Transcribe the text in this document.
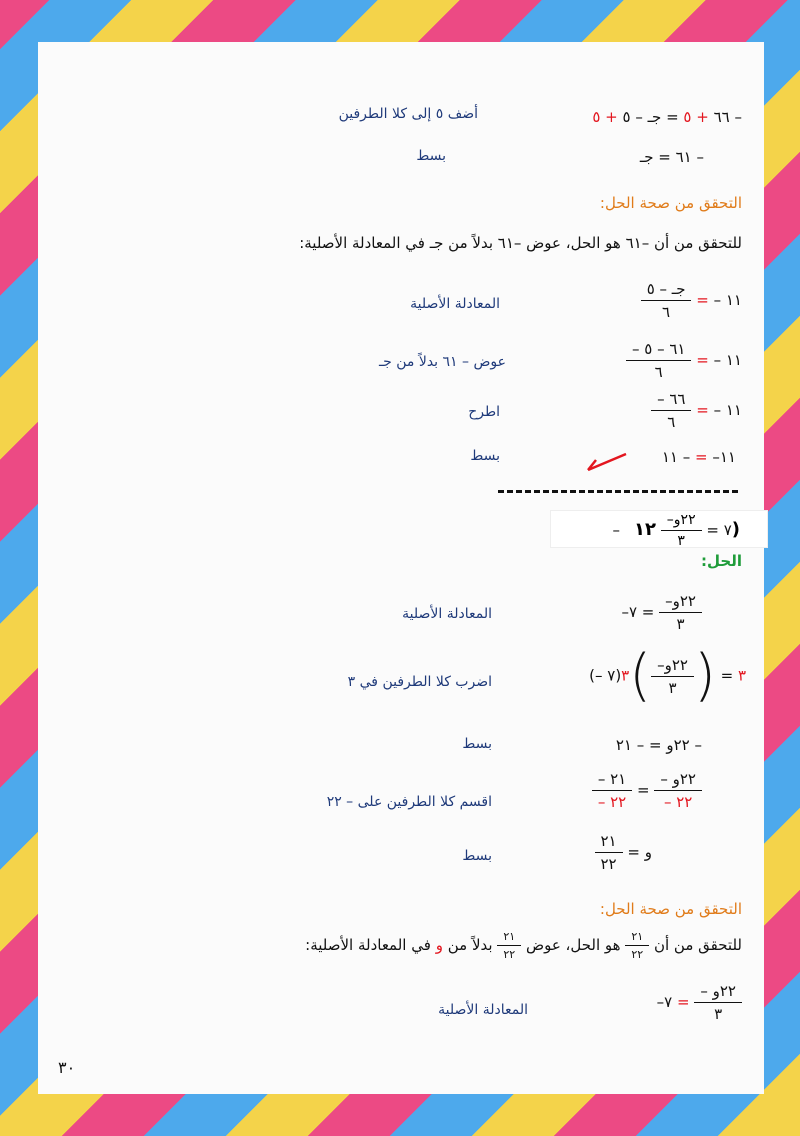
– ٦٦ + ٥ = جـ – ٥ + ٥
أضف ٥ إلى كلا الطرفين
– ٦١ = جـ
بسط
التحقق من صحة الحل:
للتحقق من أن –٦١ هو الحل، عوض –٦١ بدلاً من جـ في المعادلة الأصلية:
$\frac{\text{جـ – ٥}}{٦}$ = – ١١
المعادلة الأصلية
$\frac{- ٦١ - ٥}{٦}$ = – ١١
عوض – ٦١ بدلاً من جـ
$\frac{- ٦٦}{٦}$ = – ١١
اطرح
١١– = – ١١
بسط
–٧ =
$\frac{\text{–٢٢و}}{٣}$
١٢)
الحل:
–٧ = $\frac{\text{–٢٢و}}{٣}$
المعادلة الأصلية
(– ٧)	٣ = (
$\frac{\text{–٢٢و}}{٣}$
)٣
اضرب كلا الطرفين في ٣
– ٢٢و = – ٢١
بسط
$\frac{- ٢١}{- ٢٢} = \frac{\text{– ٢٢و}}{- ٢٢}$
اقسم كلا الطرفين على – ٢٢
$\frac{٢١}{٢٢}$ = و
بسط
التحقق من صحة الحل:
للتحقق من أن
$\frac{٢١}{٢٢}$
هو الحل، عوض
$\frac{٢١}{٢٢}$
بدلاً من و في المعادلة الأصلية:
–٧ = $\frac{\text{– ٢٢و}}{٣}$
المعادلة الأصلية
٣٠
